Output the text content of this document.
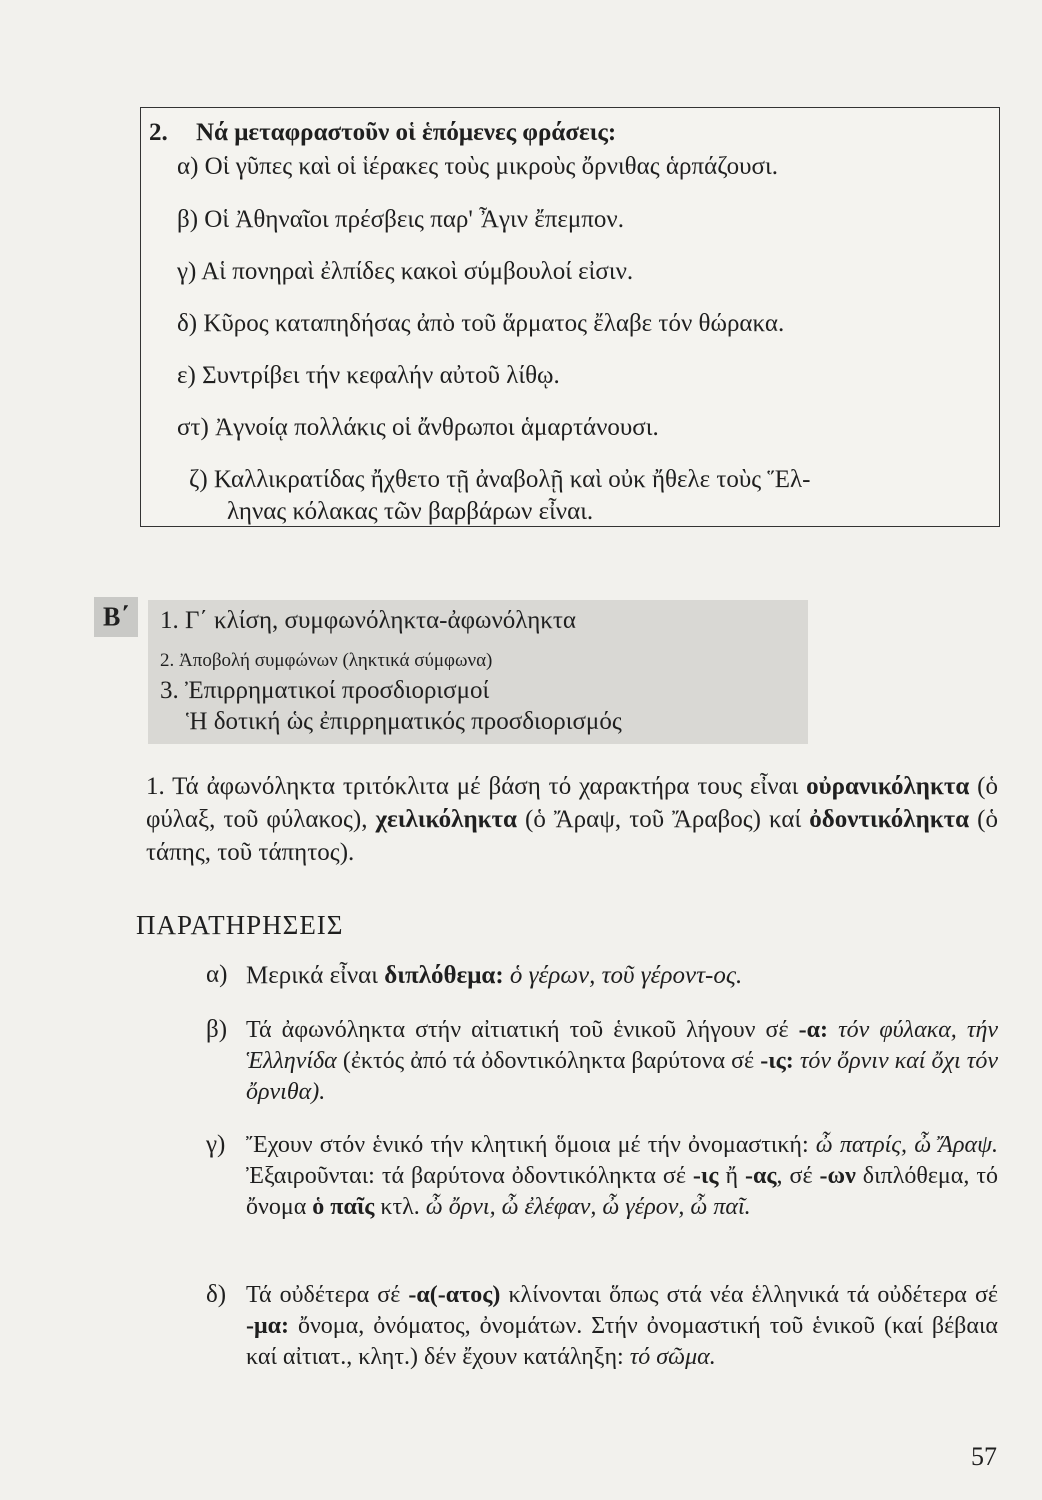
2. Νά μεταφραστοῦν οἱ ἑπόμενες φράσεις:
α) Οἱ γῦπες καὶ οἱ ἱέρακες τοὺς μικροὺς ὄρνιθας ἁρπάζουσι.
β) Οἱ Ἀθηναῖοι πρέσβεις παρ' Ἆγιν ἔπεμπον.
γ) Αἱ πονηραὶ ἐλπίδες κακοὶ σύμβουλοί εἰσιν.
δ) Κῦρος καταπηδήσας ἀπὸ τοῦ ἅρματος ἔλαβε τόν θώρακα.
ε) Συντρίβει τήν κεφαλήν αὐτοῦ λίθῳ.
στ) Ἀγνοίᾳ πολλάκις οἱ ἄνθρωποι ἁμαρτάνουσι.
ζ) Καλλικρατίδας ἤχθετο τῇ ἀναβολῇ καὶ οὐκ ἤθελε τοὺς Ἕλ-
ληνας κόλακας τῶν βαρβάρων εἶναι.
Β΄	1. Γ΄ κλίση, συμφωνόληκτα-ἀφωνόληκτα
2. Ἀποβολή συμφώνων (ληκτικά σύμφωνα)
3. Ἐπιρρηματικοί προσδιορισμοί
Ἡ δοτική ὡς ἐπιρρηματικός προσδιορισμός
1. Τά ἀφωνόληκτα τριτόκλιτα μέ βάση τό χαρακτήρα τους εἶναι οὐρανικόληκτα (ὁ φύλαξ, τοῦ φύλακος), χειλικόληκτα (ὁ Ἄραψ, τοῦ Ἄραβος) καί ὀδοντικόληκτα (ὁ τάπης, τοῦ τάπητος).
ΠΑΡΑΤΗΡΗΣΕΙΣ
α) Μερικά εἶναι διπλόθεμα: ὁ γέρων, τοῦ γέροντ-ος.
β) Τά ἀφωνόληκτα στήν αἰτιατική τοῦ ἑνικοῦ λήγουν σέ -α: τόν φύλακα, τήν Ἑλληνίδα (ἐκτός ἀπό τά ὀδοντικόληκτα βαρύτονα σέ -ις: τόν ὄρνιν καί ὄχι τόν ὄρνιθα).
γ) Ἔχουν στόν ἑνικό τήν κλητική ὅμοια μέ τήν ὀνομαστική: ὦ πατρίς, ὦ Ἄραψ. Ἐξαιροῦνται: τά βαρύτονα ὀδοντικόληκτα σέ -ις ἤ -ας, σέ -ων διπλόθεμα, τό ὄνομα ὁ παῖς κτλ. ὦ ὄρνι, ὦ ἐλέφαν, ὦ γέρον, ὦ παῖ.
δ) Τά οὐδέτερα σέ -α(-ατος) κλίνονται ὅπως στά νέα ἑλληνικά τά οὐδέτερα σέ -μα: ὄνομα, ὀνόματος, ὀνομάτων. Στήν ὀνομαστική τοῦ ἑνικοῦ (καί βέβαια καί αἰτιατ., κλητ.) δέν ἔχουν κατάληξη: τό σῶμα.
57
